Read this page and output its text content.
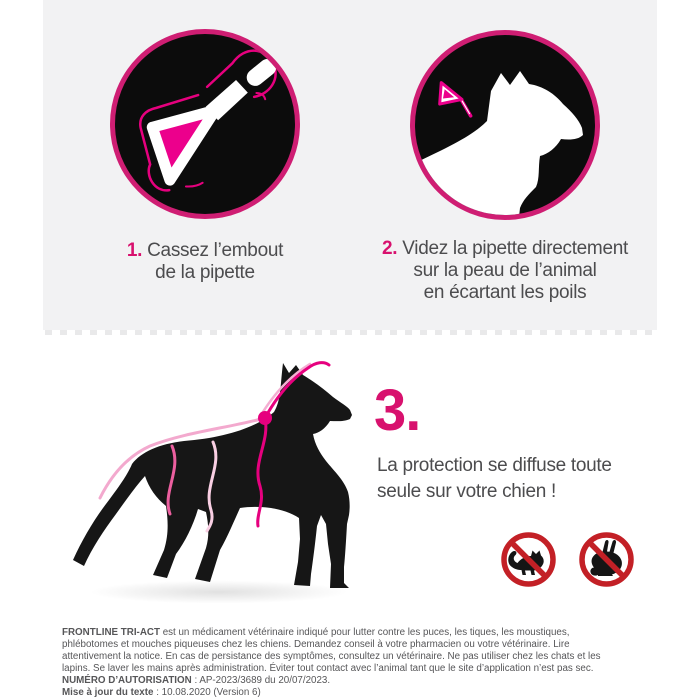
1. Cassez l’embout
de la pipette
2. Videz la pipette directement
sur la peau de l’animal
en écartant les poils
3.
La protection se diffuse toute
seule sur votre chien !
FRONTLINE TRI-ACT est un médicament vétérinaire indiqué pour lutter contre les puces, les tiques, les moustiques,
phlébotomes et mouches piqueuses chez les chiens. Demandez conseil à votre pharmacien ou votre vétérinaire. Lire
attentivement la notice. En cas de persistance des symptômes, consultez un vétérinaire. Ne pas utiliser chez les chats et les
lapins. Se laver les mains après administration. Éviter tout contact avec l’animal tant que le site d’application n’est pas sec.
NUMÉRO D’AUTORISATION : AP-2023/3689 du 20/07/2023.
Mise à jour du texte : 10.08.2020 (Version 6)
